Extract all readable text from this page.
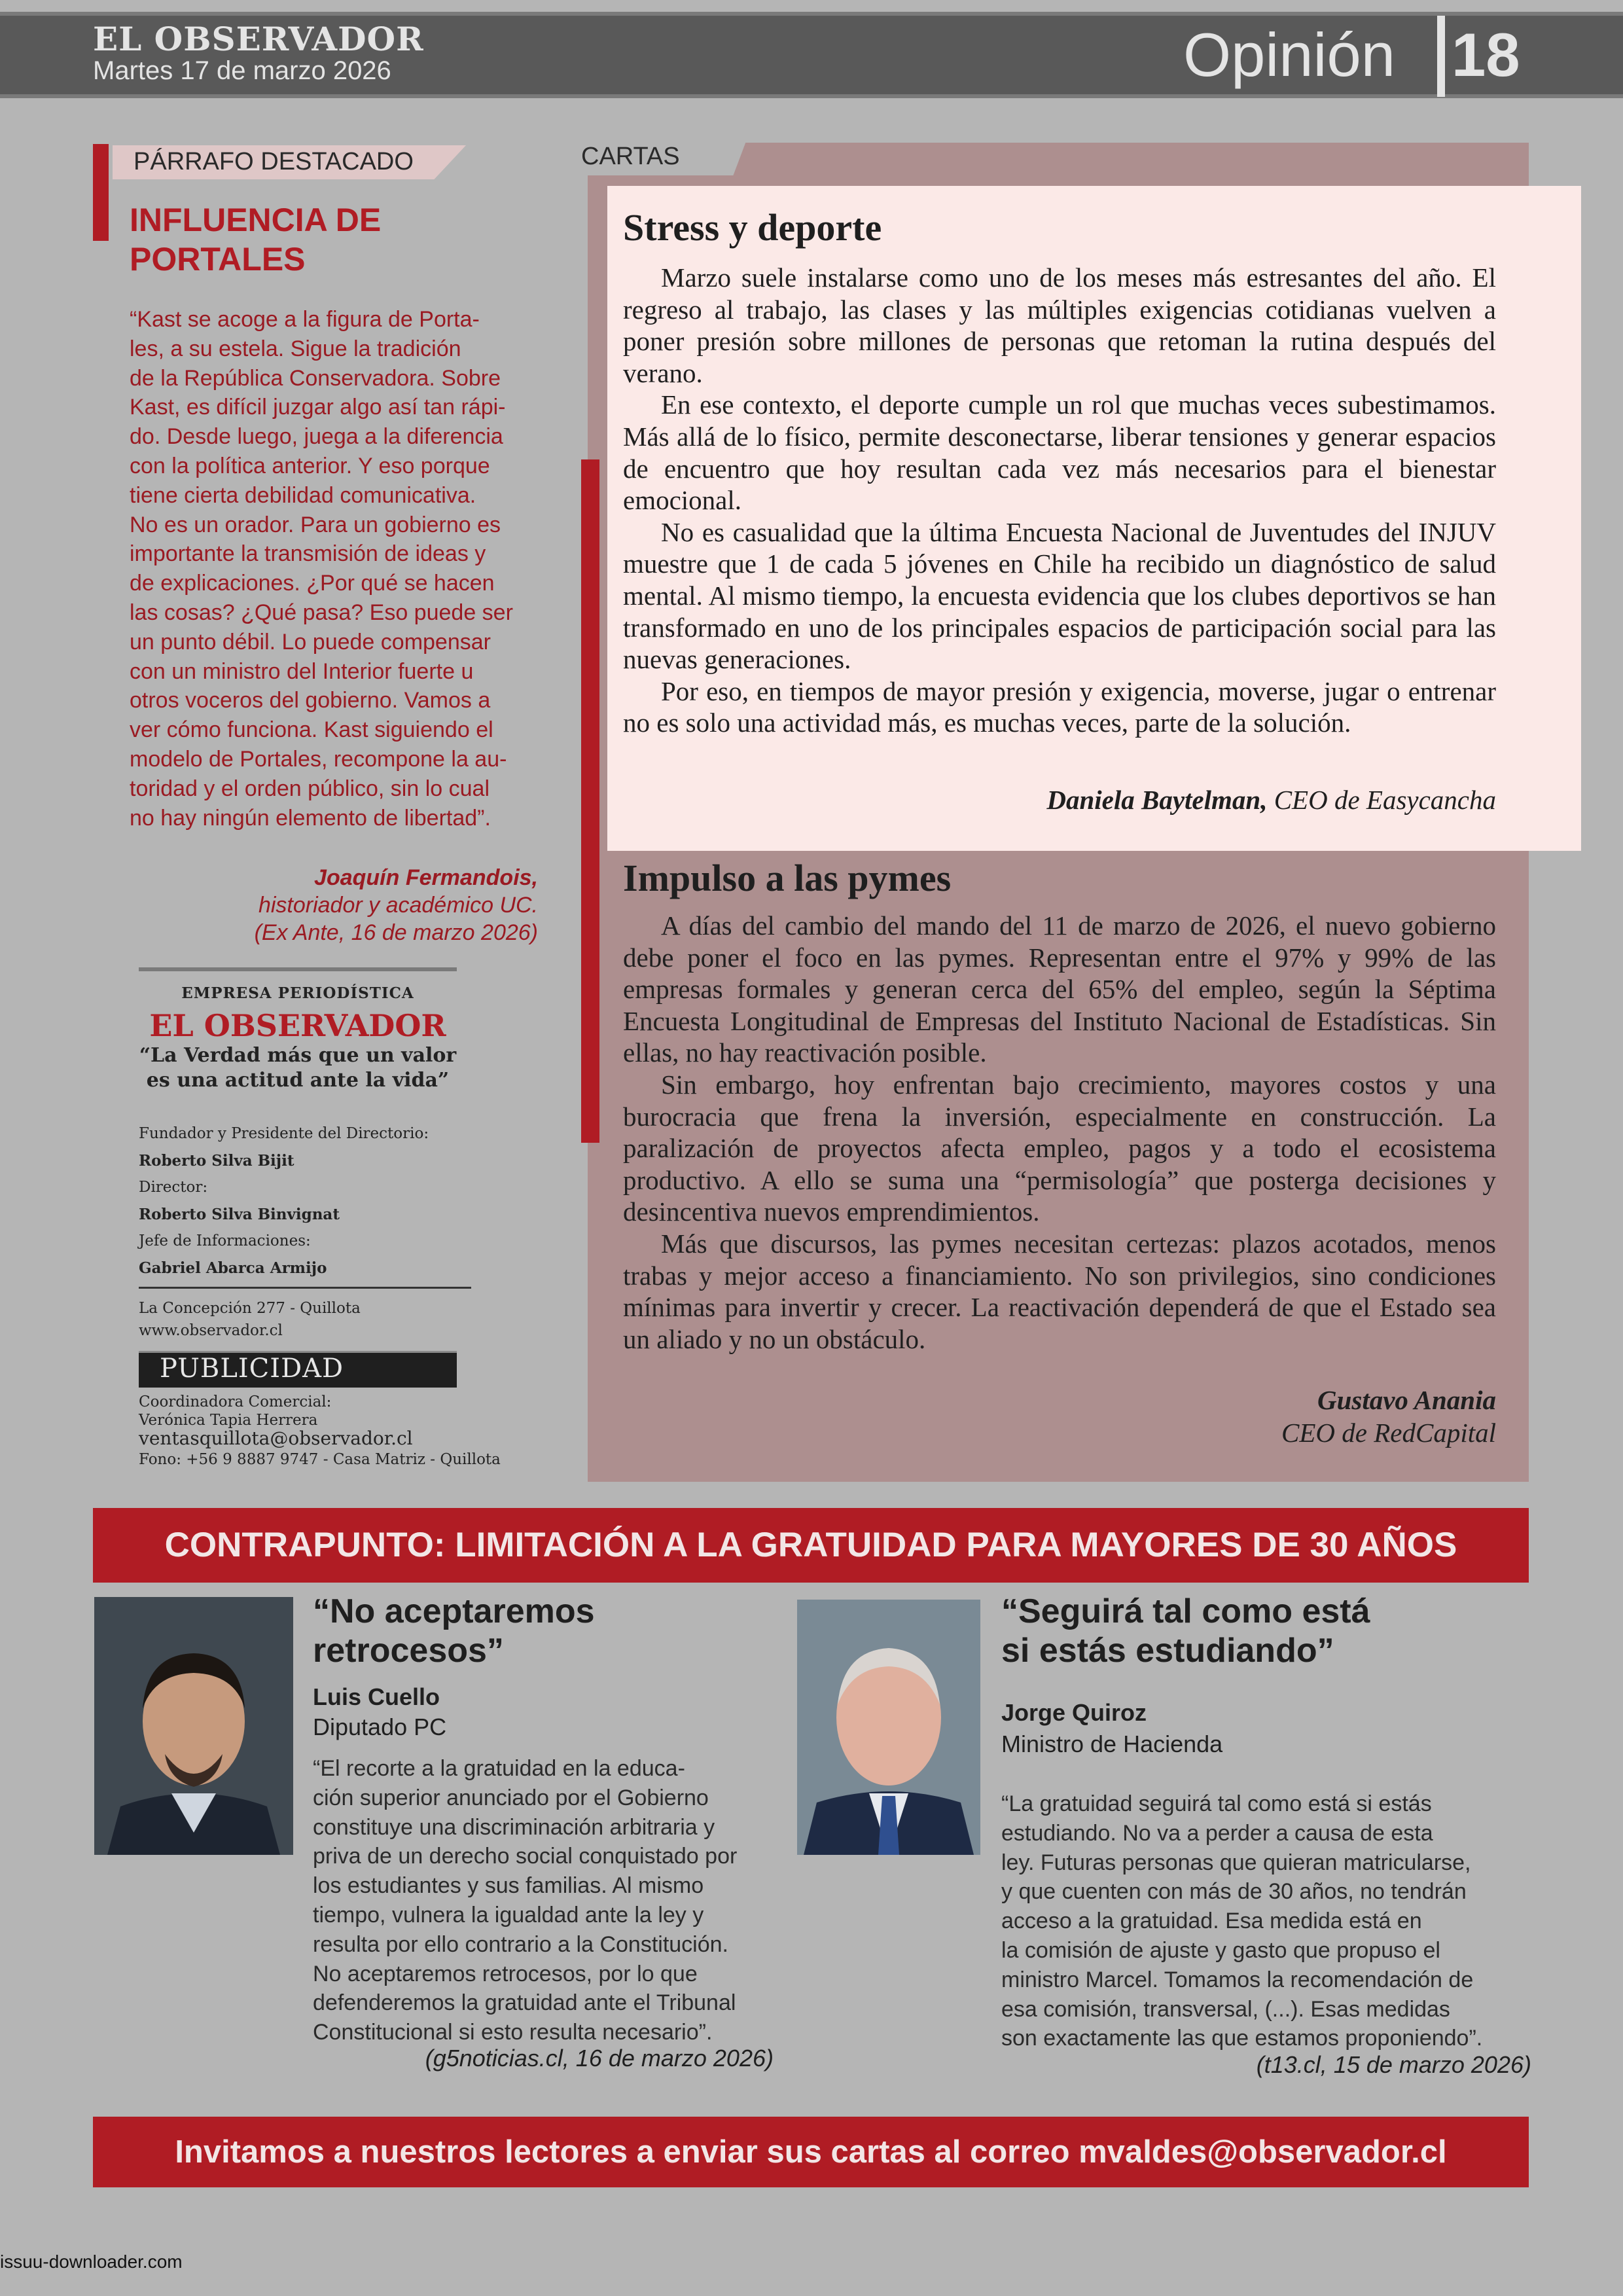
EL OBSERVADOR
Martes 17 de marzo 2026	Opinión 18
PÁRRAFO DESTACADO
INFLUENCIA DE PORTALES
“Kast se acoge a la figura de Porta-
les, a su estela. Sigue la tradición
de la República Conservadora. Sobre
Kast, es difícil juzgar algo así tan rápi-
do. Desde luego, juega a la diferencia
con la política anterior. Y eso porque
tiene cierta debilidad comunicativa.
No es un orador. Para un gobierno es
importante la transmisión de ideas y
de explicaciones. ¿Por qué se hacen
las cosas? ¿Qué pasa? Eso puede ser
un punto débil. Lo puede compensar
con un ministro del Interior fuerte u
otros voceros del gobierno. Vamos a
ver cómo funciona. Kast siguiendo el
modelo de Portales, recompone la au-
toridad y el orden público, sin lo cual
no hay ningún elemento de libertad”.
Joaquín Fermandois,
historiador y académico UC.
(Ex Ante, 16 de marzo 2026)
EMPRESA PERIODÍSTICA
EL OBSERVADOR
“La Verdad más que un valor
es una actitud ante la vida”
Fundador y Presidente del Directorio:
Roberto Silva Bijit
Director:
Roberto Silva Binvignat
Jefe de Informaciones:
Gabriel Abarca Armijo
La Concepción 277 - Quillota
www.observador.cl
PUBLICIDAD
Coordinadora Comercial:
Verónica Tapia Herrera
ventasquillota@observador.cl
Fono: +56 9 8887 9747 - Casa Matriz - Quillota
CARTAS
Stress y deporte

Marzo suele instalarse como uno de los meses más estresantes del año. El regreso al trabajo, las clases y las múltiples exigencias cotidianas vuelven a poner presión sobre millones de personas que retoman la rutina después del verano.

En ese contexto, el deporte cumple un rol que muchas veces subestimamos. Más allá de lo físico, permite desconectarse, liberar tensiones y generar espacios de encuentro que hoy resultan cada vez más necesarios para el bienestar emocional.

No es casualidad que la última Encuesta Nacional de Juventudes del INJUV muestre que 1 de cada 5 jóvenes en Chile ha recibido un diagnóstico de salud mental. Al mismo tiempo, la encuesta evidencia que los clubes deportivos se han transformado en uno de los principales espacios de participación social para las nuevas generaciones.

Por eso, en tiempos de mayor presión y exigencia, moverse, jugar o entrenar no es solo una actividad más, es muchas veces, parte de la solución.

Daniela Baytelman, CEO de Easycancha
Impulso a las pymes

A días del cambio del mando del 11 de marzo de 2026, el nuevo gobierno debe poner el foco en las pymes. Representan entre el 97% y 99% de las empresas formales y generan cerca del 65% del empleo, según la Séptima Encuesta Longitudinal de Empresas del Instituto Nacional de Estadísticas. Sin ellas, no hay reactivación posible.

Sin embargo, hoy enfrentan bajo crecimiento, mayores costos y una burocracia que frena la inversión, especialmente en construcción. La paralización de proyectos afecta empleo, pagos y a todo el ecosistema productivo. A ello se suma una “permisología” que posterga decisiones y desincentiva nuevos emprendimientos.

Más que discursos, las pymes necesitan certezas: plazos acotados, menos trabas y mejor acceso a financiamiento. No son privilegios, sino condiciones mínimas para invertir y crecer. La reactivación dependerá de que el Estado sea un aliado y no un obstáculo.

Gustavo Anania
CEO de RedCapital
CONTRAPUNTO: LIMITACIÓN A LA GRATUIDAD PARA MAYORES DE 30 AÑOS
“No aceptaremos
retrocesos”
Luis Cuello
Diputado PC
“El recorte a la gratuidad en la educa-
ción superior anunciado por el Gobierno
constituye una discriminación arbitraria y
priva de un derecho social conquistado por
los estudiantes y sus familias. Al mismo
tiempo, vulnera la igualdad ante la ley y
resulta por ello contrario a la Constitución.
No aceptaremos retrocesos, por lo que
defenderemos la gratuidad ante el Tribunal
Constitucional si esto resulta necesario”.
(g5noticias.cl, 16 de marzo 2026)
“Seguirá tal como está
si estás estudiando”
Jorge Quiroz
Ministro de Hacienda
“La gratuidad seguirá tal como está si estás
estudiando. No va a perder a causa de esta
ley. Futuras personas que quieran matricularse,
y que cuenten con más de 30 años, no tendrán
acceso a la gratuidad. Esa medida está en
la comisión de ajuste y gasto que propuso el
ministro Marcel. Tomamos la recomendación de
esa comisión, transversal, (...). Esas medidas
son exactamente las que estamos proponiendo”.
(t13.cl, 15 de marzo 2026)
Invitamos a nuestros lectores a enviar sus cartas al correo mvaldes@observador.cl
issuu-downloader.com
